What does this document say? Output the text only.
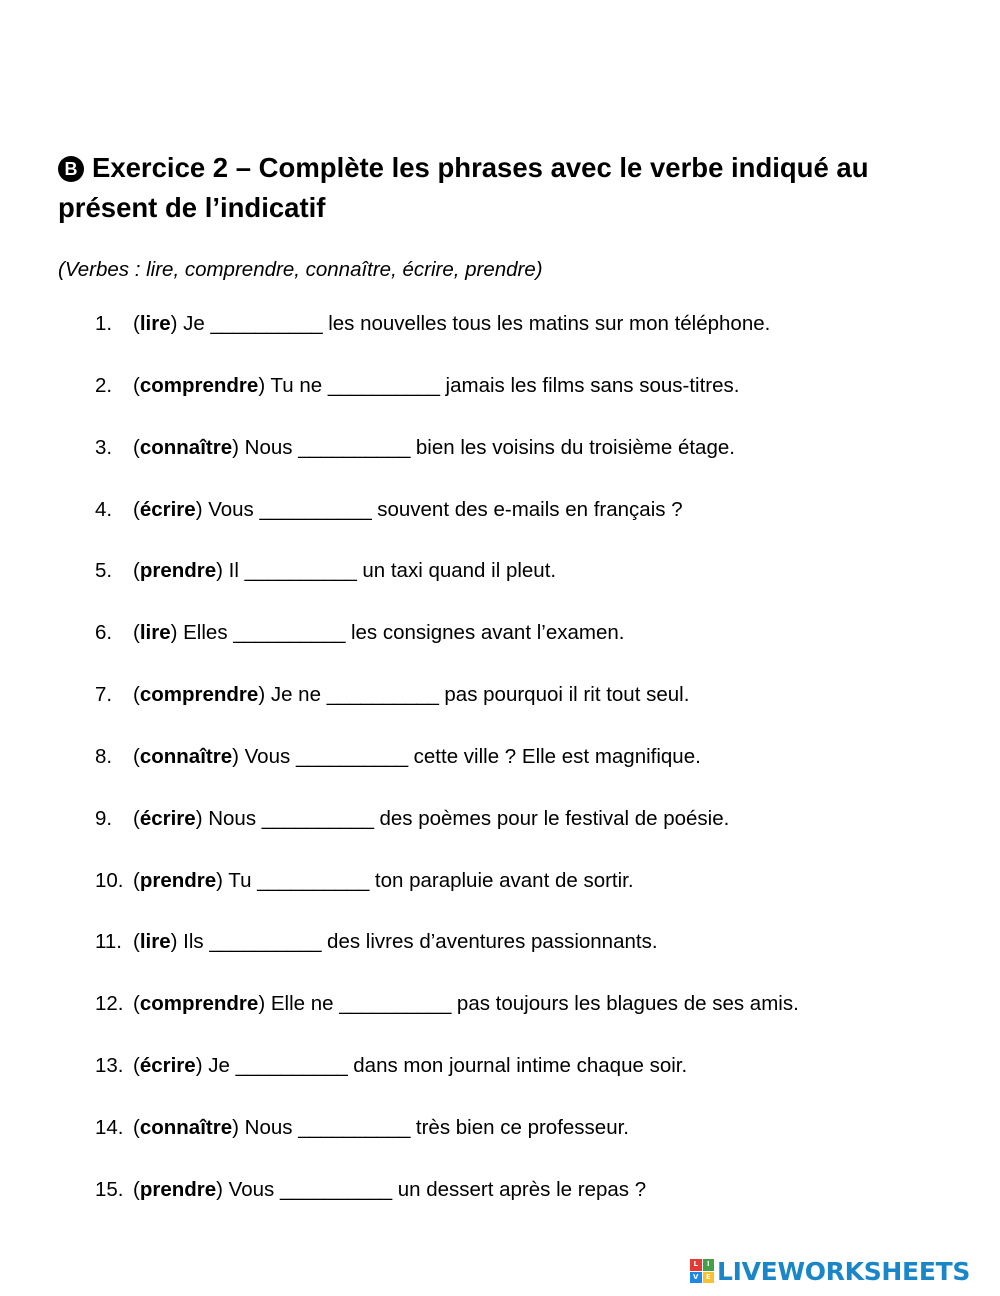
B Exercice 2 – Complète les phrases avec le verbe indiqué au présent de l’indicatif
(Verbes : lire, comprendre, connaître, écrire, prendre)
1. (lire) Je __________ les nouvelles tous les matins sur mon téléphone.
2. (comprendre) Tu ne __________ jamais les films sans sous-titres.
3. (connaître) Nous __________ bien les voisins du troisième étage.
4. (écrire) Vous __________ souvent des e-mails en français ?
5. (prendre) Il __________ un taxi quand il pleut.
6. (lire) Elles __________ les consignes avant l’examen.
7. (comprendre) Je ne __________ pas pourquoi il rit tout seul.
8. (connaître) Vous __________ cette ville ? Elle est magnifique.
9. (écrire) Nous __________ des poèmes pour le festival de poésie.
10. (prendre) Tu __________ ton parapluie avant de sortir.
11. (lire) Ils __________ des livres d’aventures passionnants.
12. (comprendre) Elle ne __________ pas toujours les blagues de ses amis.
13. (écrire) Je __________ dans mon journal intime chaque soir.
14. (connaître) Nous __________ très bien ce professeur.
15. (prendre) Vous __________ un dessert après le repas ?
L	I
V	E LIVEWORKSHEETS
